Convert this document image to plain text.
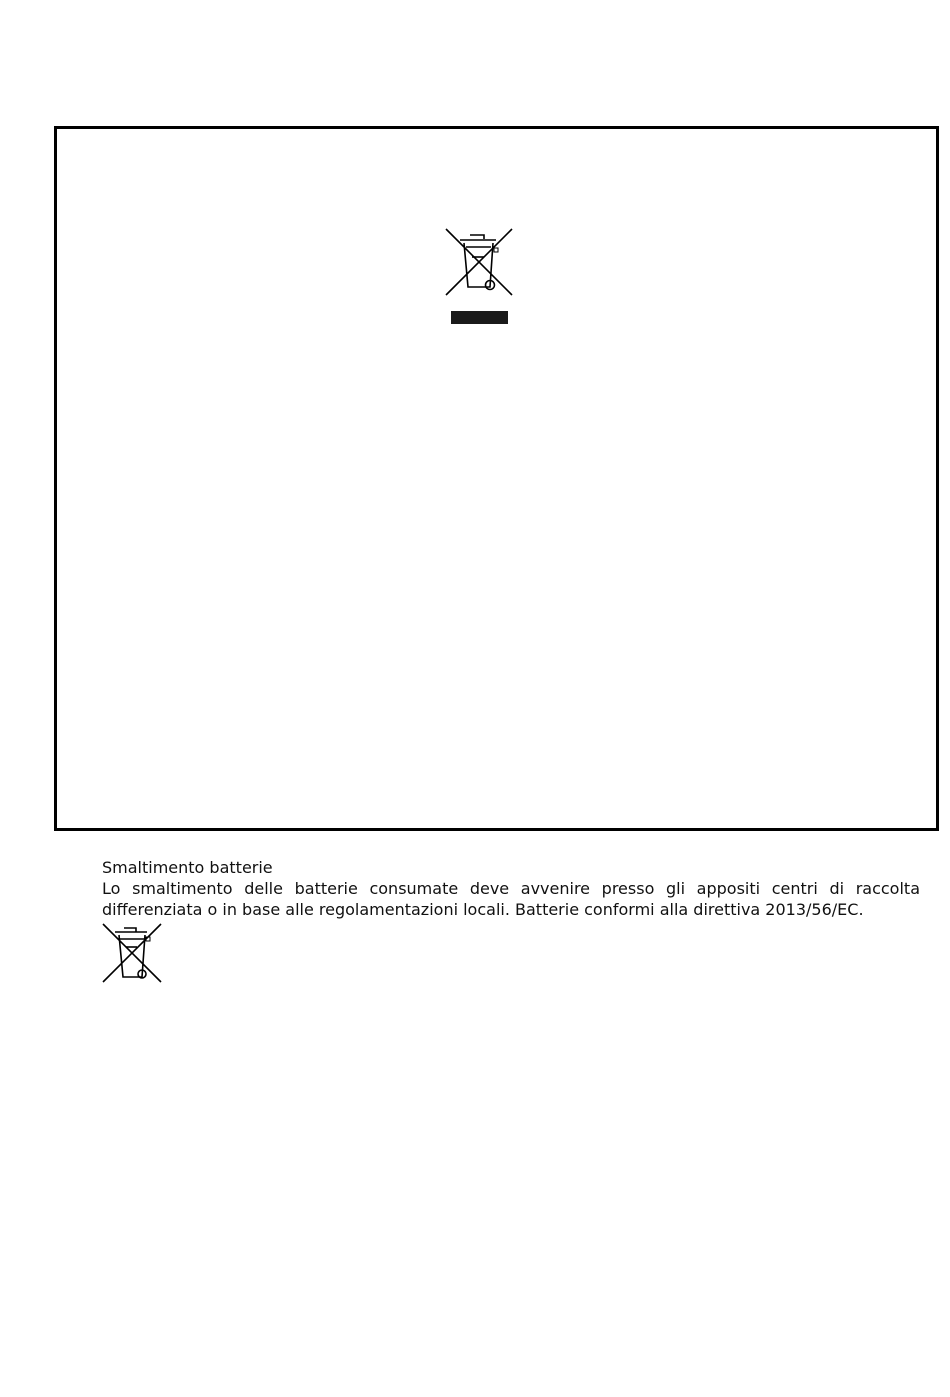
Smaltimento batterie

Lo smaltimento delle batterie consumate deve avvenire presso gli appositi centri di raccolta differenziata o in base alle regolamentazioni locali. Batterie conformi alla direttiva 2013/56/EC.
